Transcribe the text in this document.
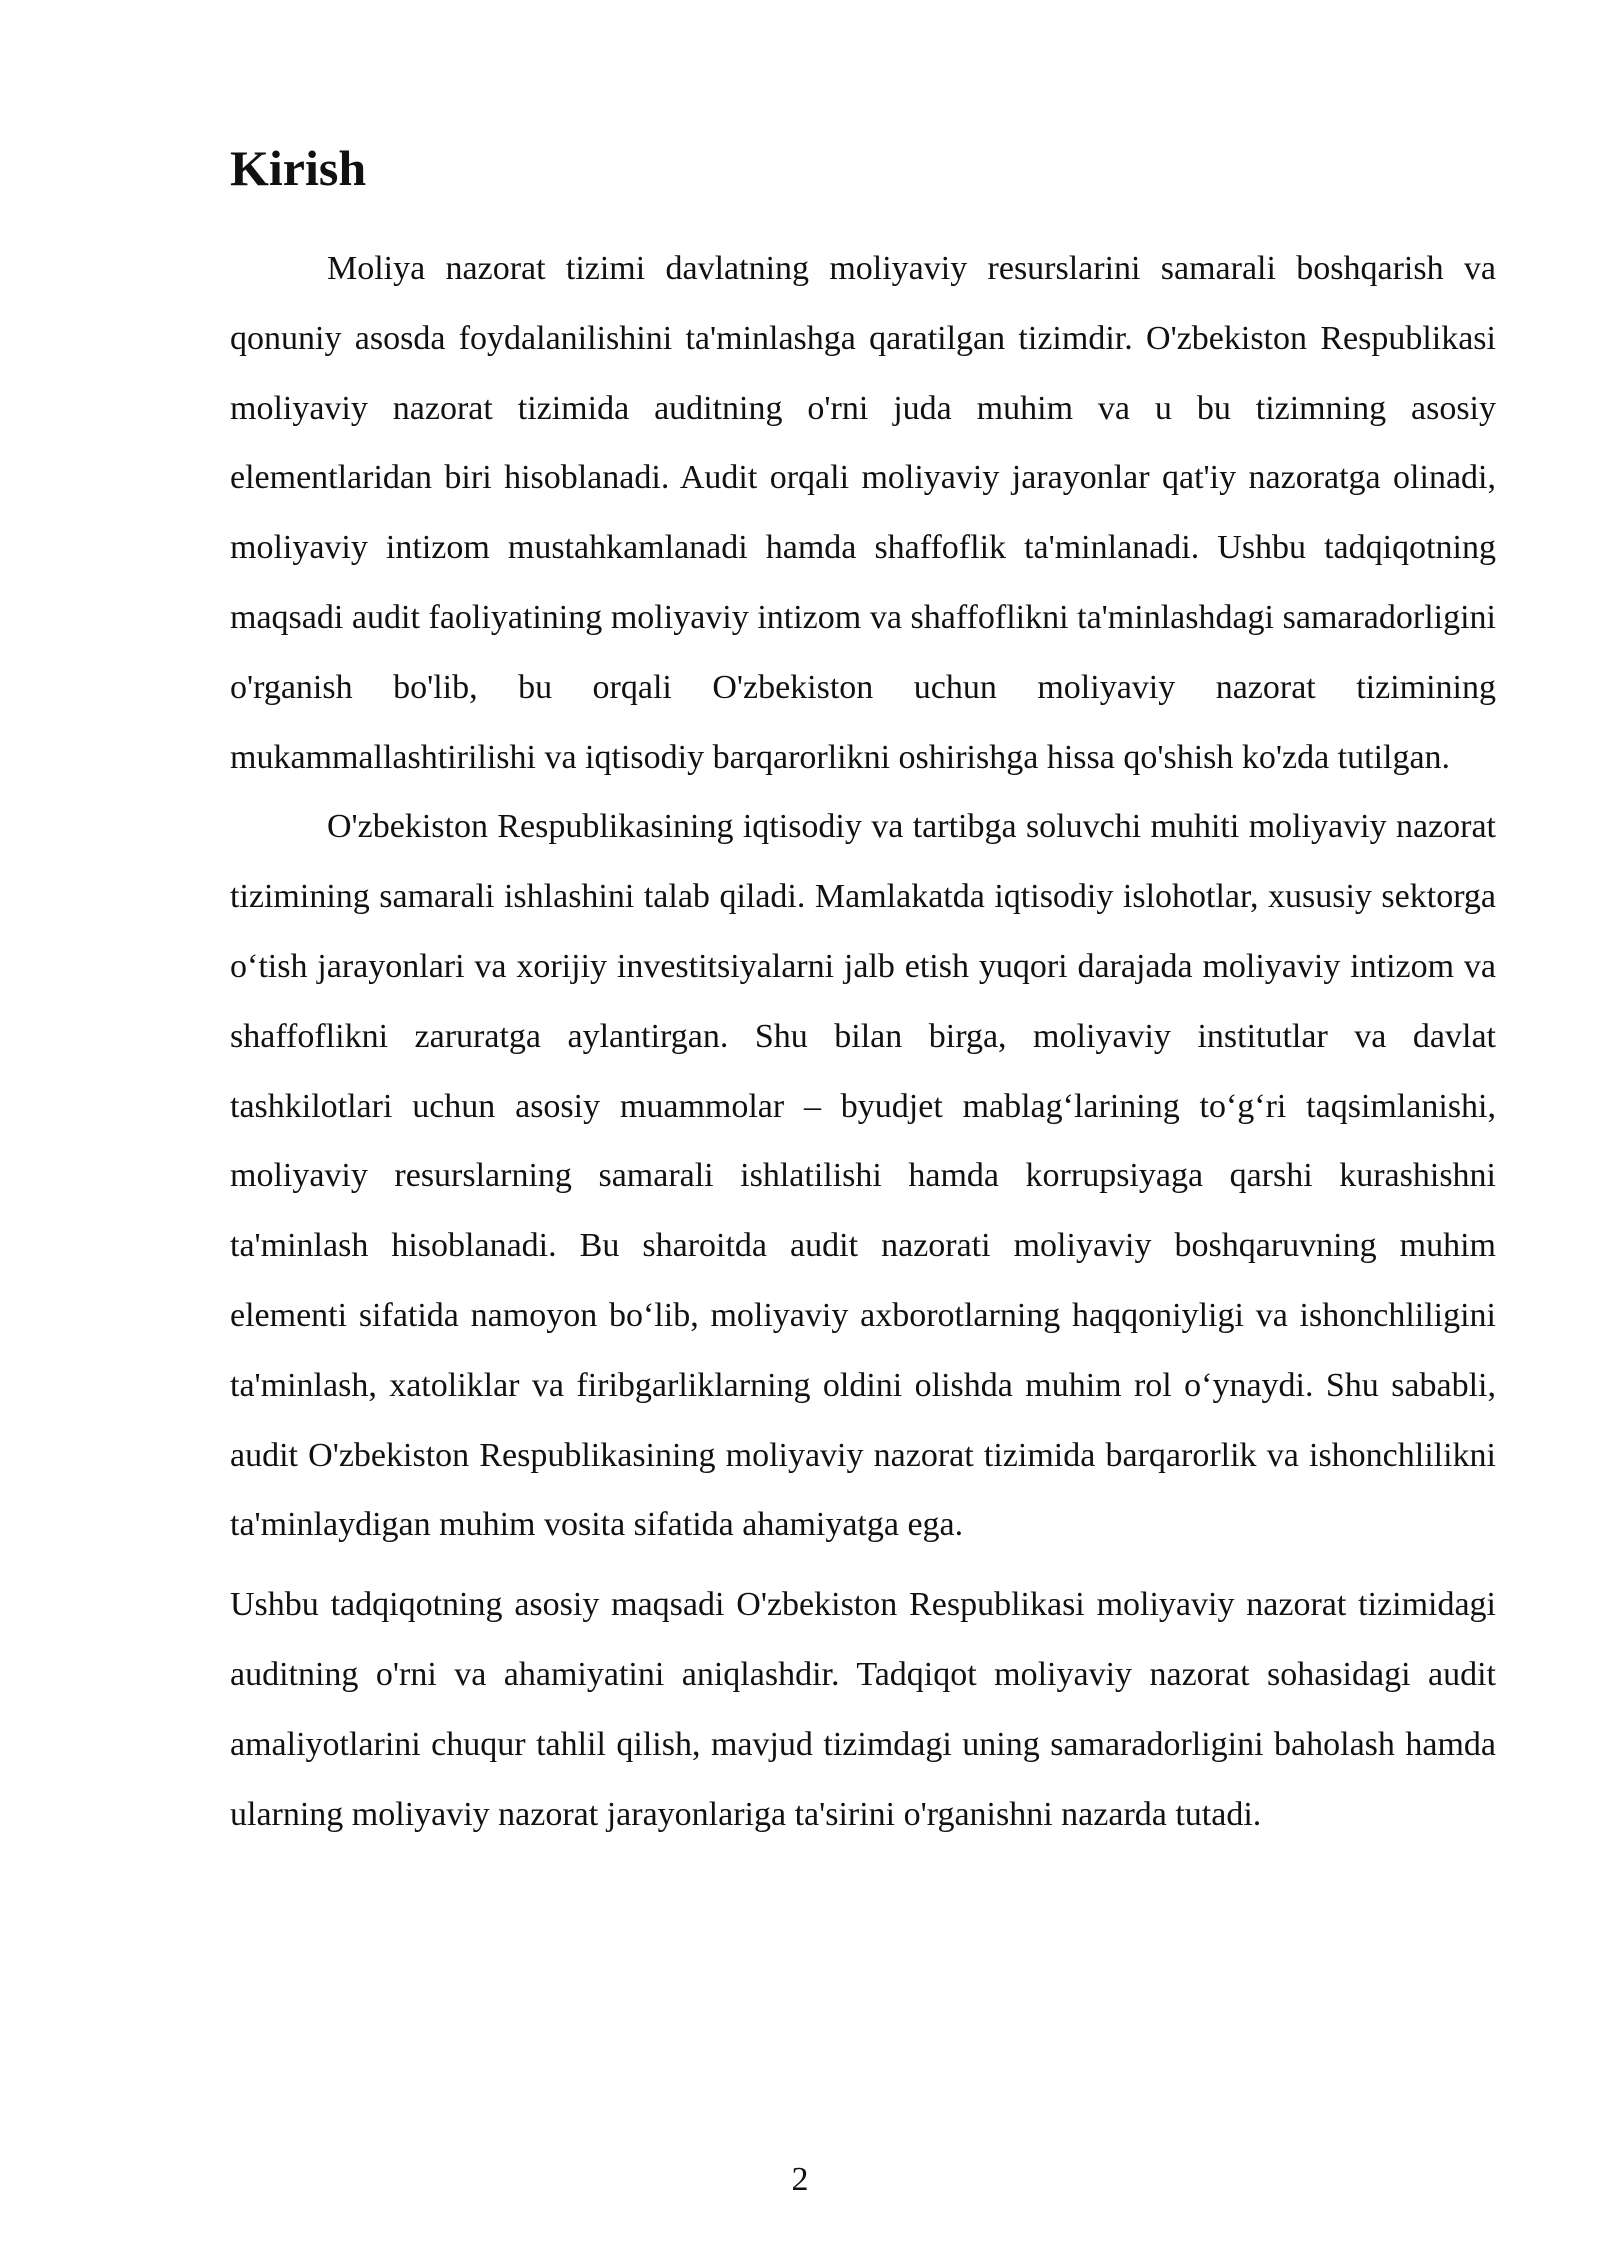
Kirish

Moliya nazorat tizimi davlatning moliyaviy resurslarini samarali boshqarish va qonuniy asosda foydalanilishini ta'minlashga qaratilgan tizimdir. O'zbekiston Respublikasi moliyaviy nazorat tizimida auditning o'rni juda muhim va u bu tizimning asosiy elementlaridan biri hisoblanadi. Audit orqali moliyaviy jarayonlar qat'iy nazoratga olinadi, moliyaviy intizom mustahkamlanadi hamda shaffoflik ta'minlanadi. Ushbu tadqiqotning maqsadi audit faoliyatining moliyaviy intizom va shaffoflikni ta'minlashdagi samaradorligini o'rganish bo'lib, bu orqali O'zbekiston uchun moliyaviy nazorat tizimining mukammallashtirilishi va iqtisodiy barqarorlikni oshirishga hissa qo'shish ko'zda tutilgan.

O'zbekiston Respublikasining iqtisodiy va tartibga soluvchi muhiti moliyaviy nazorat tizimining samarali ishlashini talab qiladi. Mamlakatda iqtisodiy islohotlar, xususiy sektorga o‘tish jarayonlari va xorijiy investitsiyalarni jalb etish yuqori darajada moliyaviy intizom va shaffoflikni zaruratga aylantirgan. Shu bilan birga, moliyaviy institutlar va davlat tashkilotlari uchun asosiy muammolar – byudjet mablag‘larining to‘g‘ri taqsimlanishi, moliyaviy resurslarning samarali ishlatilishi hamda korrupsiyaga qarshi kurashishni ta'minlash hisoblanadi. Bu sharoitda audit nazorati moliyaviy boshqaruvning muhim elementi sifatida namoyon bo‘lib, moliyaviy axborotlarning haqqoniyligi va ishonchliligini ta'minlash, xatoliklar va firibgarliklarning oldini olishda muhim rol o‘ynaydi. Shu sababli, audit O'zbekiston Respublikasining moliyaviy nazorat tizimida barqarorlik va ishonchlilikni ta'minlaydigan muhim vosita sifatida ahamiyatga ega.

Ushbu tadqiqotning asosiy maqsadi O'zbekiston Respublikasi moliyaviy nazorat tizimidagi auditning o'rni va ahamiyatini aniqlashdir. Tadqiqot moliyaviy nazorat sohasidagi audit amaliyotlarini chuqur tahlil qilish, mavjud tizimdagi uning samaradorligini baholash hamda ularning moliyaviy nazorat jarayonlariga ta'sirini o'rganishni nazarda tutadi.

2
